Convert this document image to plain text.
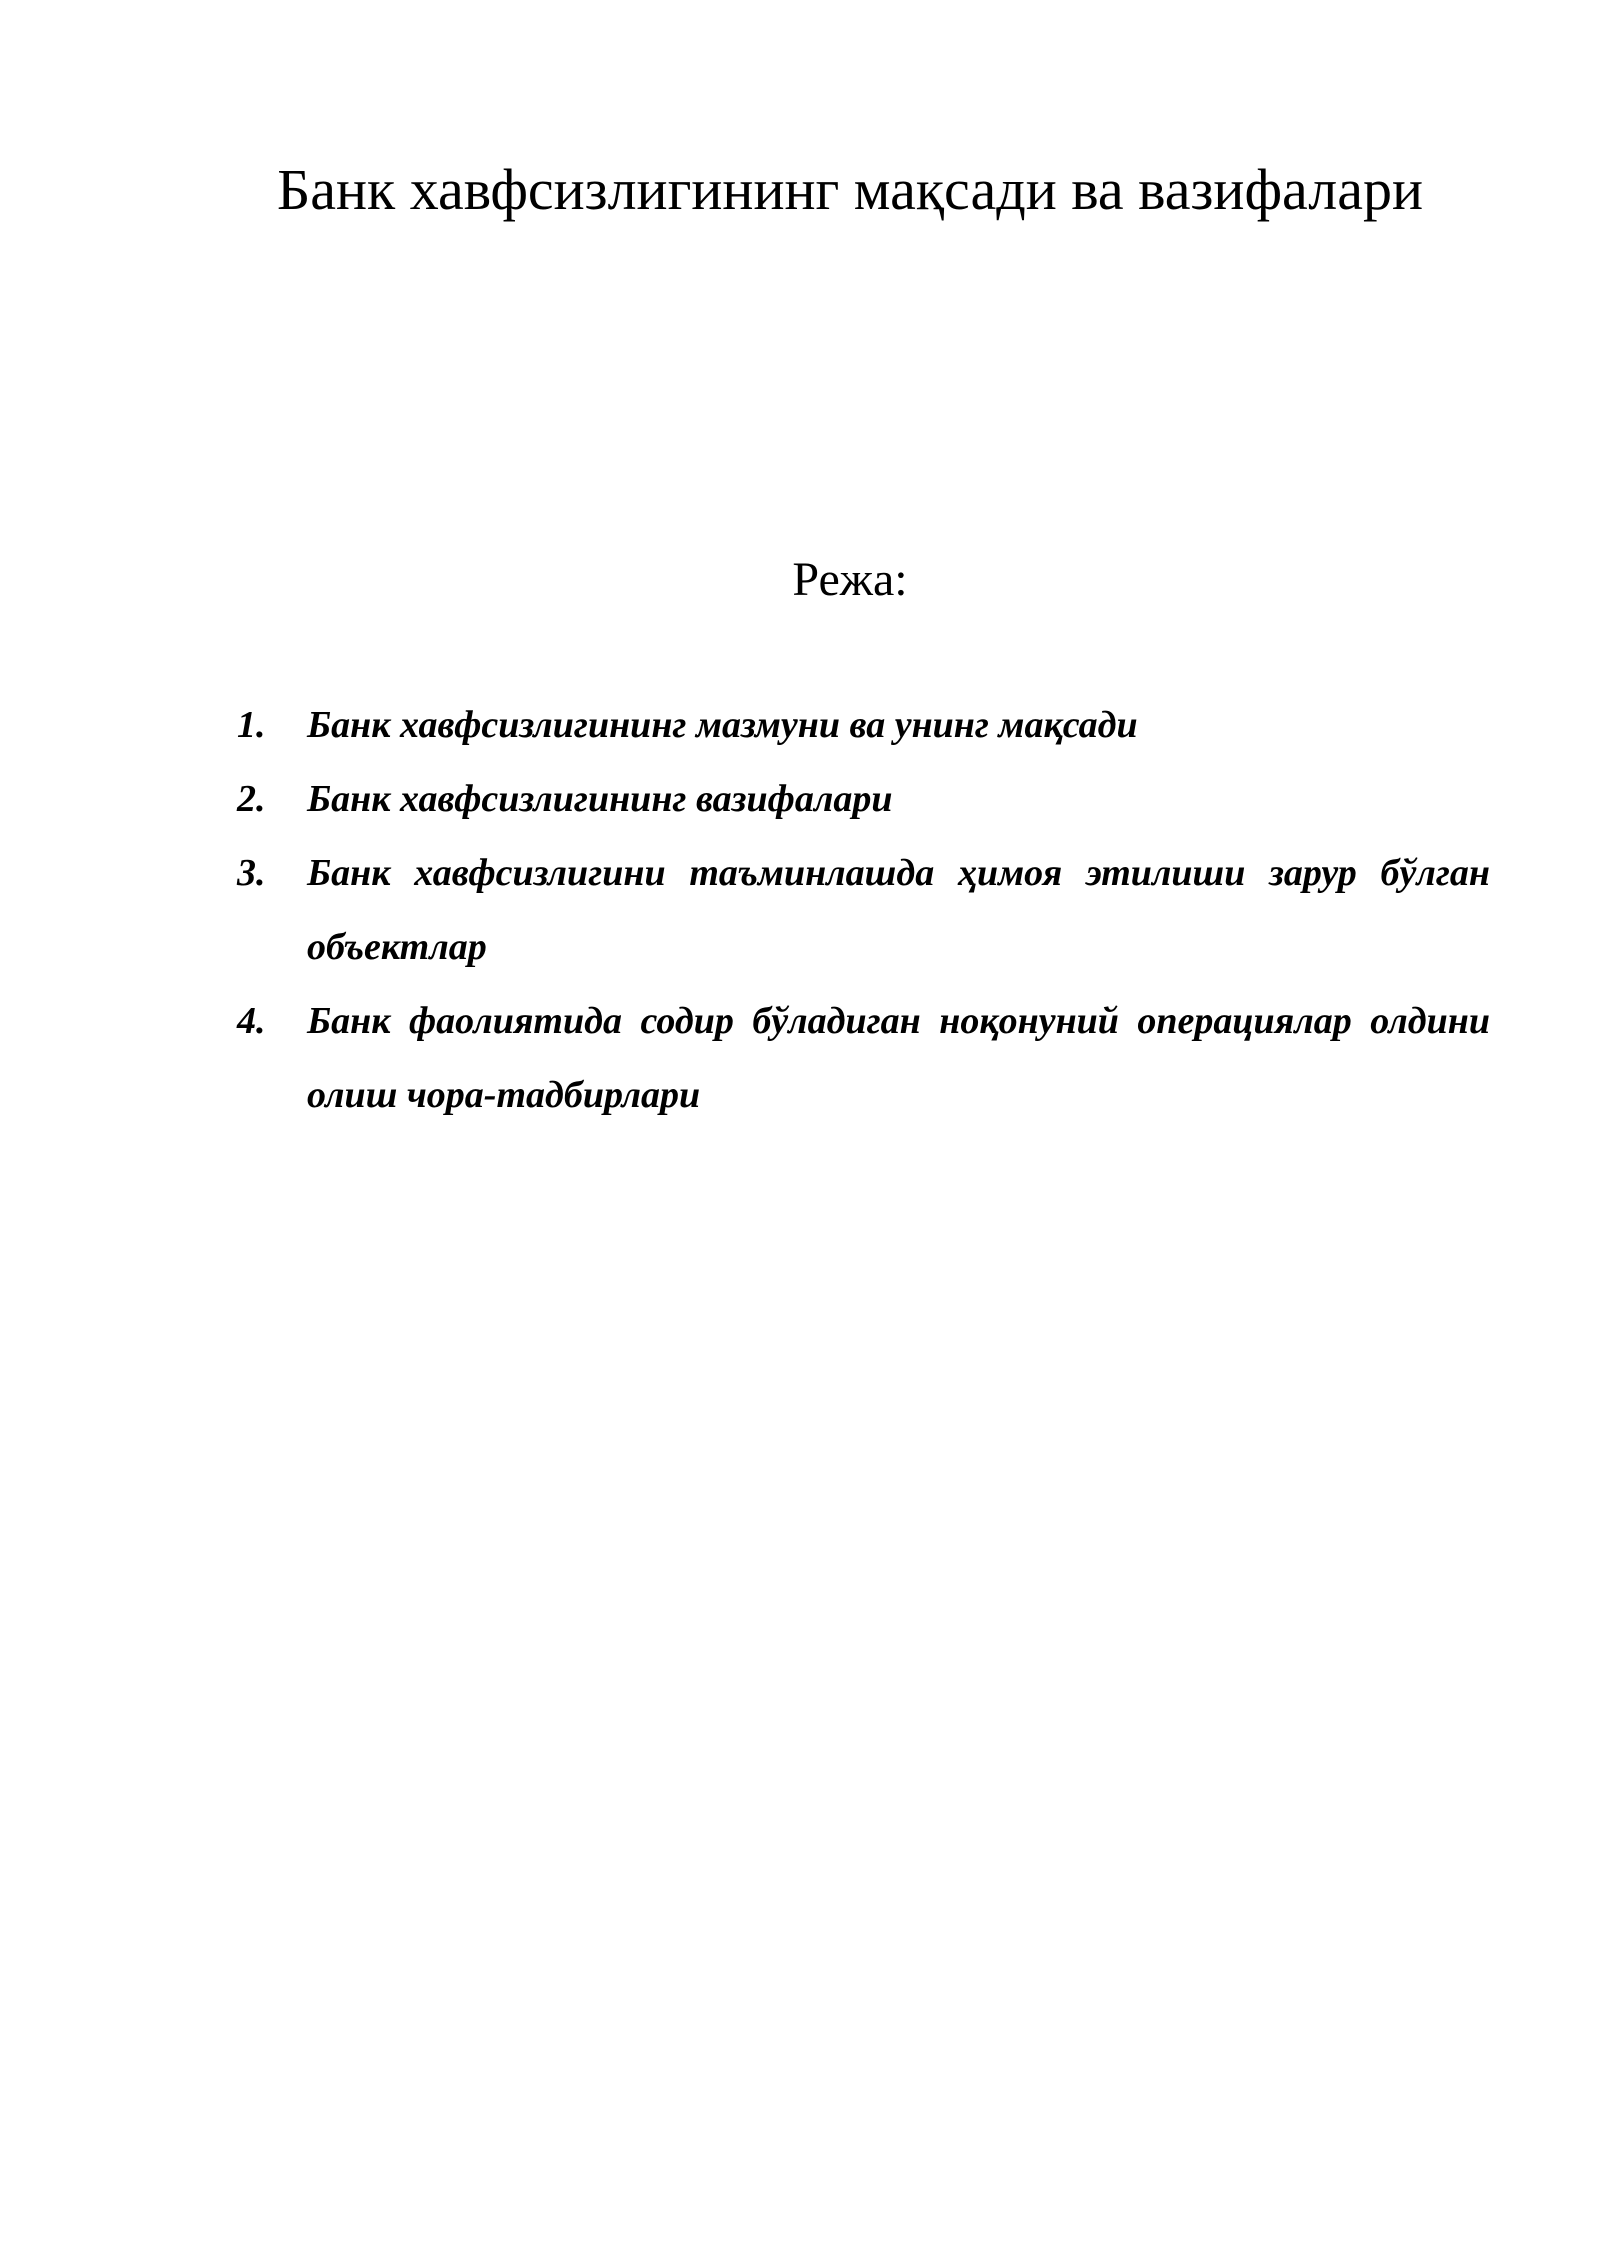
Банк хавфсизлигининг мақсади ва вазифалари

Режа:

1. Банк хавфсизлигининг мазмуни ва унинг мақсади
2. Банк хавфсизлигининг вазифалари
3. Банк хавфсизлигини таъминлашда ҳимоя этилиши зарур бўлган объектлар
4. Банк фаолиятида содир бўладиган ноқонуний операциялар олдини олиш чора-тадбирлари
